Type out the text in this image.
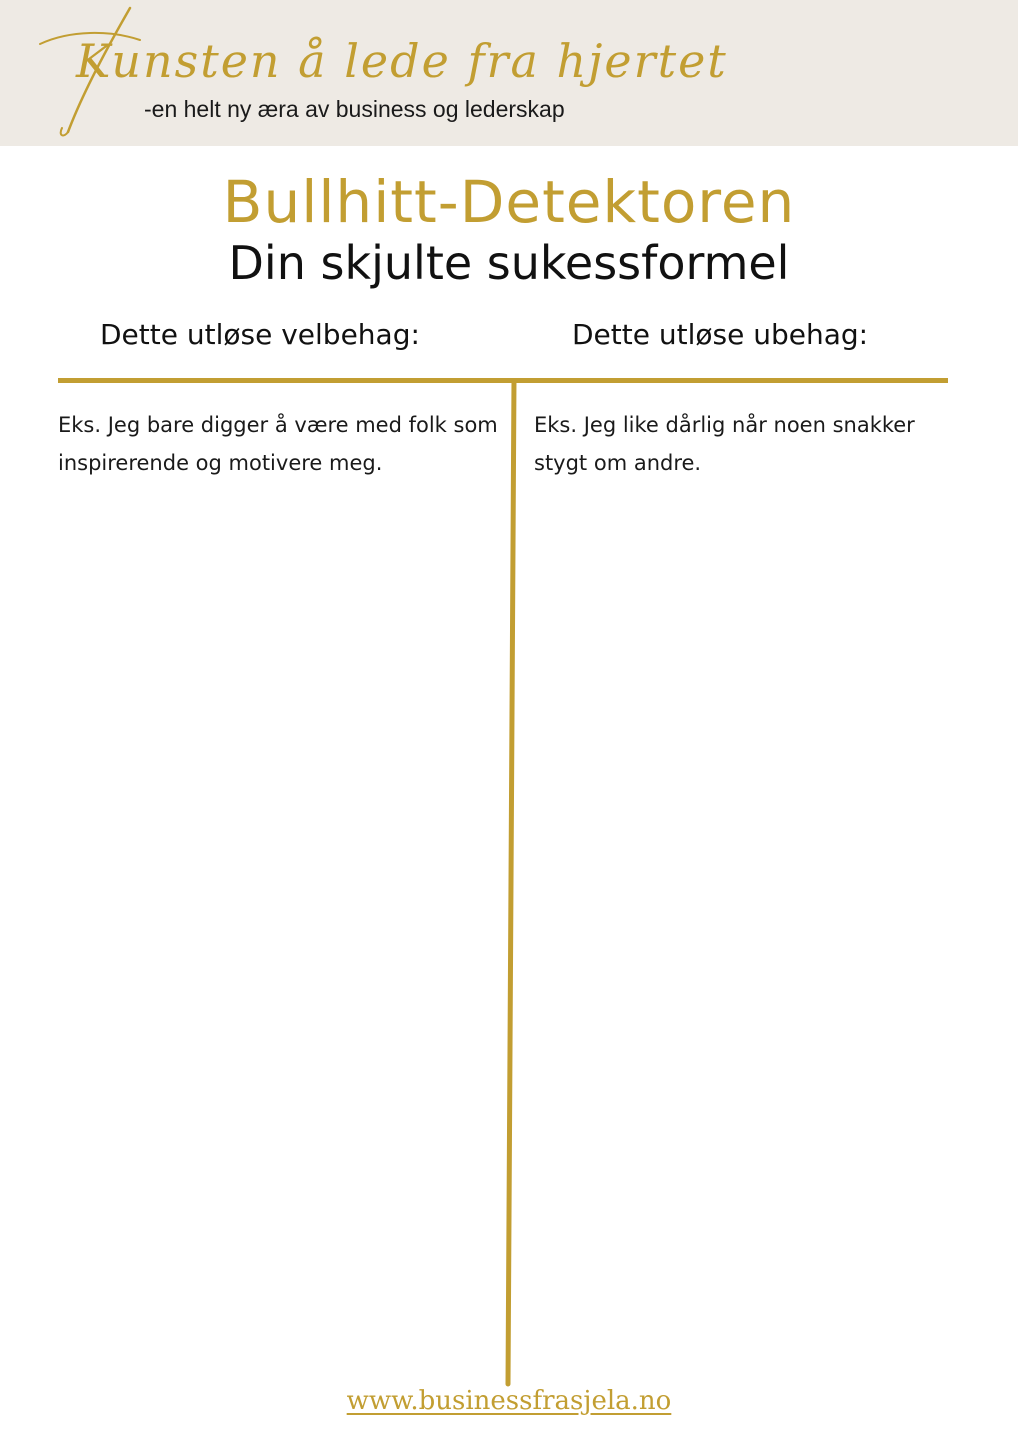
Kunsten å lede fra hjertet
-en helt ny æra av business og lederskap
Bullhitt-Detektoren
Din skjulte sukessformel
Dette utløse velbehag:	Dette utløse ubehag:
Eks. Jeg bare digger å være med folk som inspirerende og motivere meg.
Eks. Jeg like dårlig når noen snakker stygt om andre.
www.businessfrasjela.no
